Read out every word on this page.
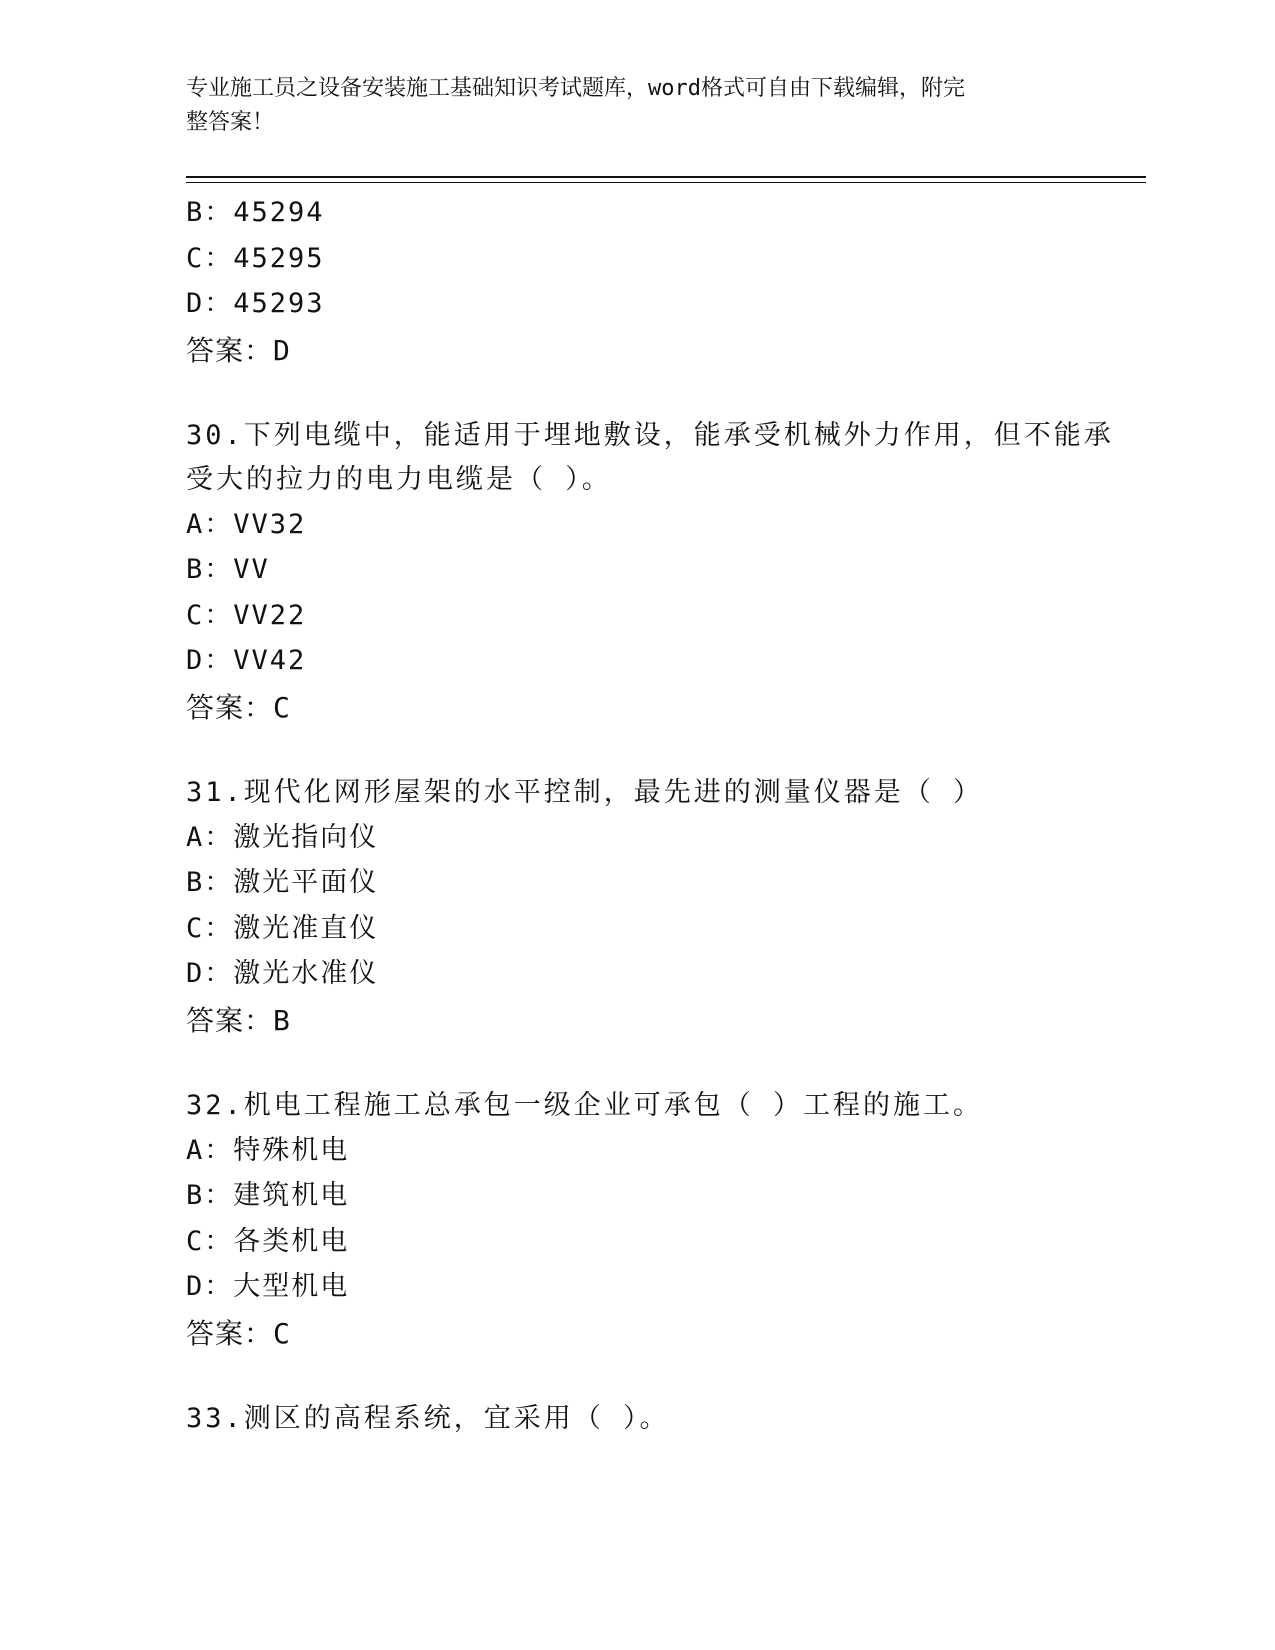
专业施工员之设备安装施工基础知识考试题库，word格式可自由下载编辑，附完
整答案！
B：45294
C：45295
D：45293
答案：D
30.下列电缆中，能适用于埋地敷设，能承受机械外力作用，但不能承
受大的拉力的电力电缆是（ ）。
A：VV32
B：VV
C：VV22
D：VV42
答案：C
31.现代化网形屋架的水平控制，最先进的测量仪器是（ ）
A：激光指向仪
B：激光平面仪
C：激光准直仪
D：激光水准仪
答案：B
32.机电工程施工总承包一级企业可承包（ ）工程的施工。
A：特殊机电
B：建筑机电
C：各类机电
D：大型机电
答案：C
33.测区的高程系统，宜采用（ ）。
